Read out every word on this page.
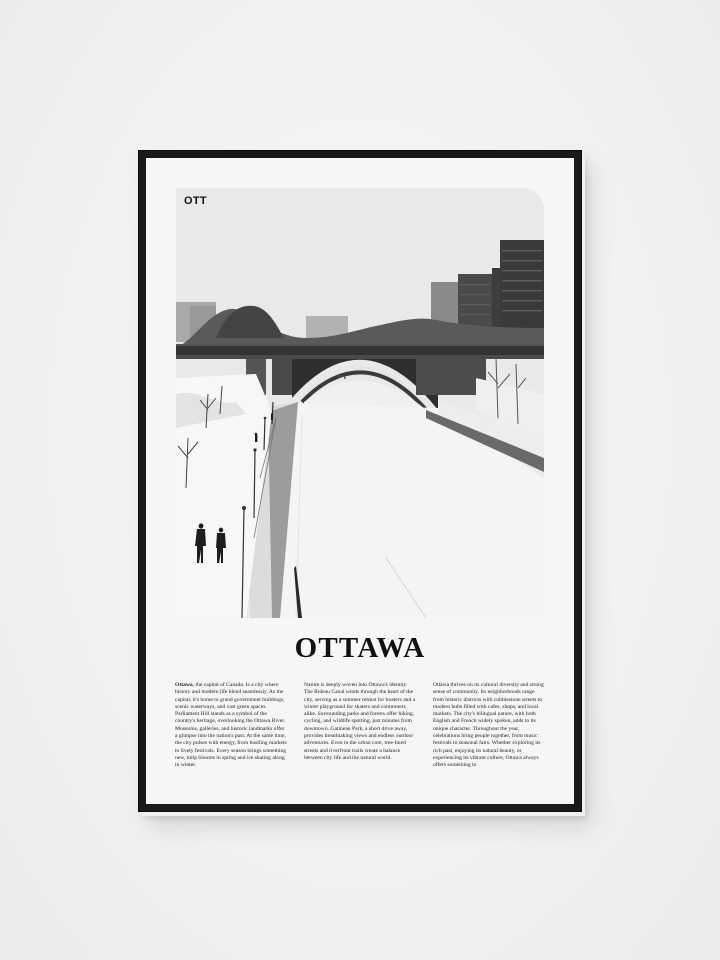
OTT
OTTAWA
Ottawa, the capital of Canada. Is a city where history and modern life blend seamlessly. As the capital, it's home to grand government buildings, scenic waterways, and vast green spaces. Parliament Hill stands as a symbol of the country's heritage, overlooking the Ottawa River. Museums, galleries, and historic landmarks offer a glimpse into the nation's past. At the same time, the city pulses with energy, from bustling markets to lively festivals. Every season brings something new, tulip blooms in spring and ice skating along in winter.
Nature is deeply woven into Ottawa's identity. The Rideau Canal winds through the heart of the city, serving as a summer retreat for boaters and a winter playground for skaters and commuters alike. Surrounding parks and forests offer hiking, cycling, and wildlife spotting, just minutes from downtown. Gatineau Park, a short drive away, provides breathtaking views and endless outdoor adventures. Even in the urban core, tree-lined streets and riverfront trails create a balance between city life and the natural world.
Ottawa thrives on its cultural diversity and strong sense of community. Its neighborhoods range from historic districts with cobblestone streets to modern hubs filled with cafes, shops, and local markets. The city's bilingual nature, with both English and French widely spoken, adds to its unique character. Throughout the year, celebrations bring people together, from music festivals to seasonal fairs. Whether exploring its rich past, enjoying its natural beauty, or experiencing its vibrant culture, Ottawa always offers something to
